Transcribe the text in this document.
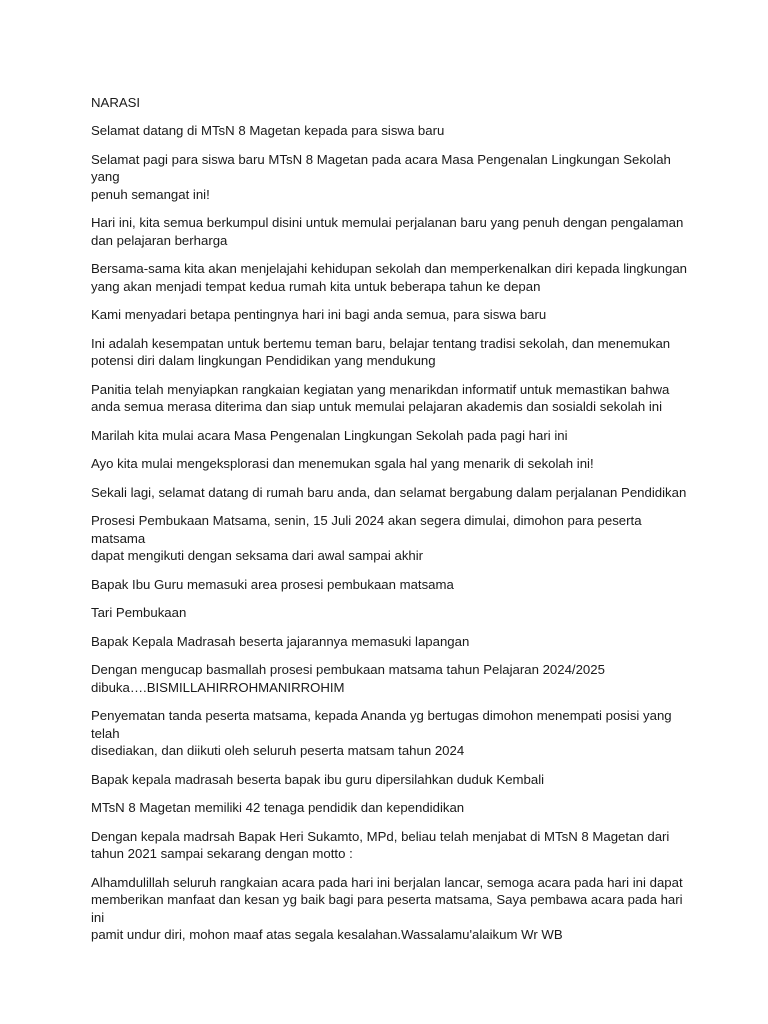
NARASI
Selamat datang di MTsN 8 Magetan kepada para siswa baru
Selamat pagi para siswa baru MTsN 8 Magetan pada acara Masa Pengenalan Lingkungan Sekolah yang
penuh semangat ini!
Hari ini, kita semua berkumpul disini untuk memulai perjalanan baru yang penuh dengan pengalaman
dan pelajaran berharga
Bersama-sama kita akan menjelajahi kehidupan sekolah dan memperkenalkan diri kepada lingkungan
yang akan menjadi tempat kedua rumah kita untuk beberapa tahun ke depan
Kami menyadari betapa pentingnya hari ini bagi anda semua, para siswa baru
Ini adalah kesempatan untuk bertemu teman baru, belajar tentang tradisi sekolah, dan menemukan
potensi diri dalam lingkungan Pendidikan yang mendukung
Panitia telah menyiapkan rangkaian kegiatan yang menarikdan informatif untuk memastikan bahwa
anda semua merasa diterima dan siap untuk memulai pelajaran akademis dan sosialdi sekolah ini
Marilah kita mulai acara Masa Pengenalan Lingkungan Sekolah pada pagi hari ini
Ayo kita mulai mengeksplorasi dan menemukan sgala hal yang menarik di sekolah ini!
Sekali lagi, selamat datang di rumah baru anda, dan selamat bergabung dalam perjalanan Pendidikan
Prosesi Pembukaan Matsama, senin, 15 Juli 2024 akan segera dimulai, dimohon para peserta matsama
dapat mengikuti dengan seksama dari awal sampai akhir
Bapak Ibu Guru memasuki area prosesi pembukaan matsama
Tari Pembukaan
Bapak Kepala Madrasah beserta jajarannya memasuki lapangan
Dengan mengucap basmallah prosesi pembukaan matsama tahun Pelajaran 2024/2025
dibuka….BISMILLAHIRROHMANIRROHIM
Penyematan tanda peserta matsama, kepada Ananda yg bertugas dimohon menempati posisi yang telah
disediakan, dan diikuti oleh seluruh peserta matsam tahun 2024
Bapak kepala madrasah beserta bapak ibu guru dipersilahkan duduk Kembali
MTsN 8 Magetan memiliki 42 tenaga pendidik dan kependidikan
Dengan kepala madrsah Bapak Heri Sukamto, MPd, beliau telah menjabat di MTsN 8 Magetan dari
tahun 2021 sampai sekarang dengan motto :
Alhamdulillah seluruh rangkaian acara pada hari ini berjalan lancar, semoga acara pada hari ini dapat
memberikan manfaat dan kesan yg baik bagi para peserta matsama, Saya pembawa acara pada hari ini
pamit undur diri, mohon maaf atas segala kesalahan.Wassalamu'alaikum Wr WB
